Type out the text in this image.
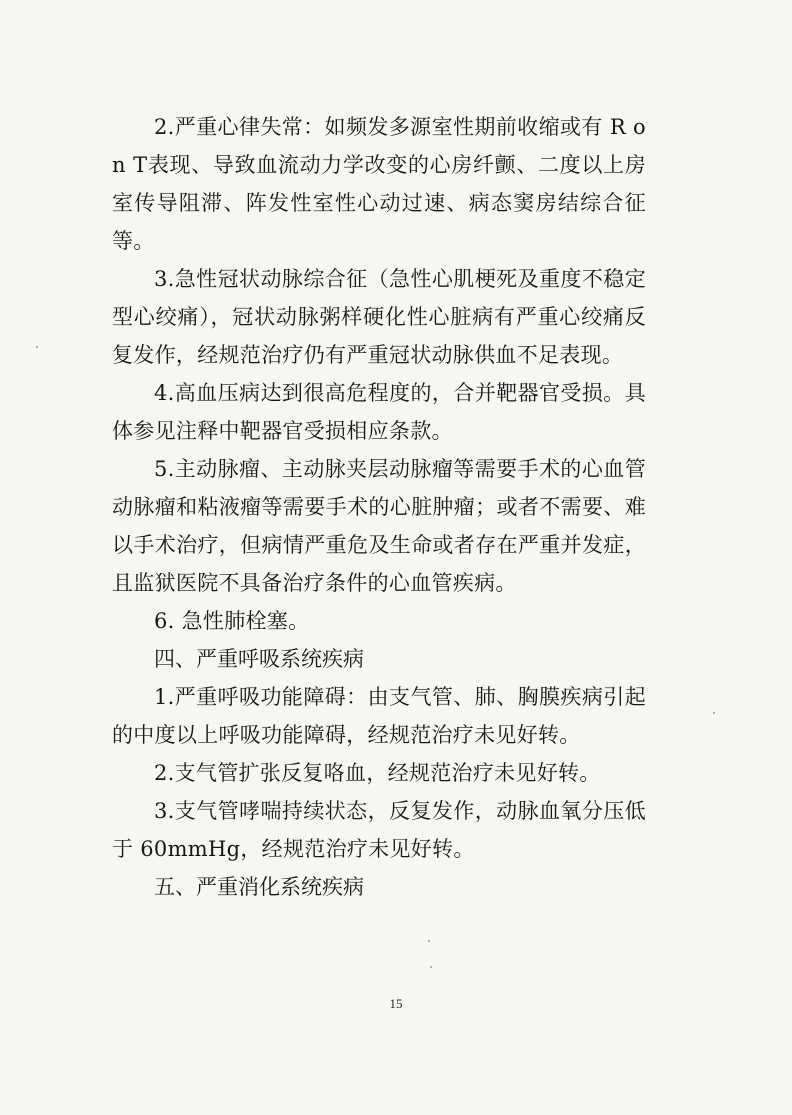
2.严重心律失常：如频发多源室性期前收缩或有 R on T表现、导致血流动力学改变的心房纤颤、二度以上房室传导阻滞、阵发性室性心动过速、病态窦房结综合征等。

3.急性冠状动脉综合征（急性心肌梗死及重度不稳定型心绞痛），冠状动脉粥样硬化性心脏病有严重心绞痛反复发作，经规范治疗仍有严重冠状动脉供血不足表现。

4.高血压病达到很高危程度的，合并靶器官受损。具体参见注释中靶器官受损相应条款。

5.主动脉瘤、主动脉夹层动脉瘤等需要手术的心血管动脉瘤和粘液瘤等需要手术的心脏肿瘤；或者不需要、难以手术治疗，但病情严重危及生命或者存在严重并发症，且监狱医院不具备治疗条件的心血管疾病。

6. 急性肺栓塞。

四、严重呼吸系统疾病

1.严重呼吸功能障碍：由支气管、肺、胸膜疾病引起的中度以上呼吸功能障碍，经规范治疗未见好转。

2.支气管扩张反复咯血，经规范治疗未见好转。

3.支气管哮喘持续状态，反复发作，动脉血氧分压低于 60mmHg，经规范治疗未见好转。

五、严重消化系统疾病

15
